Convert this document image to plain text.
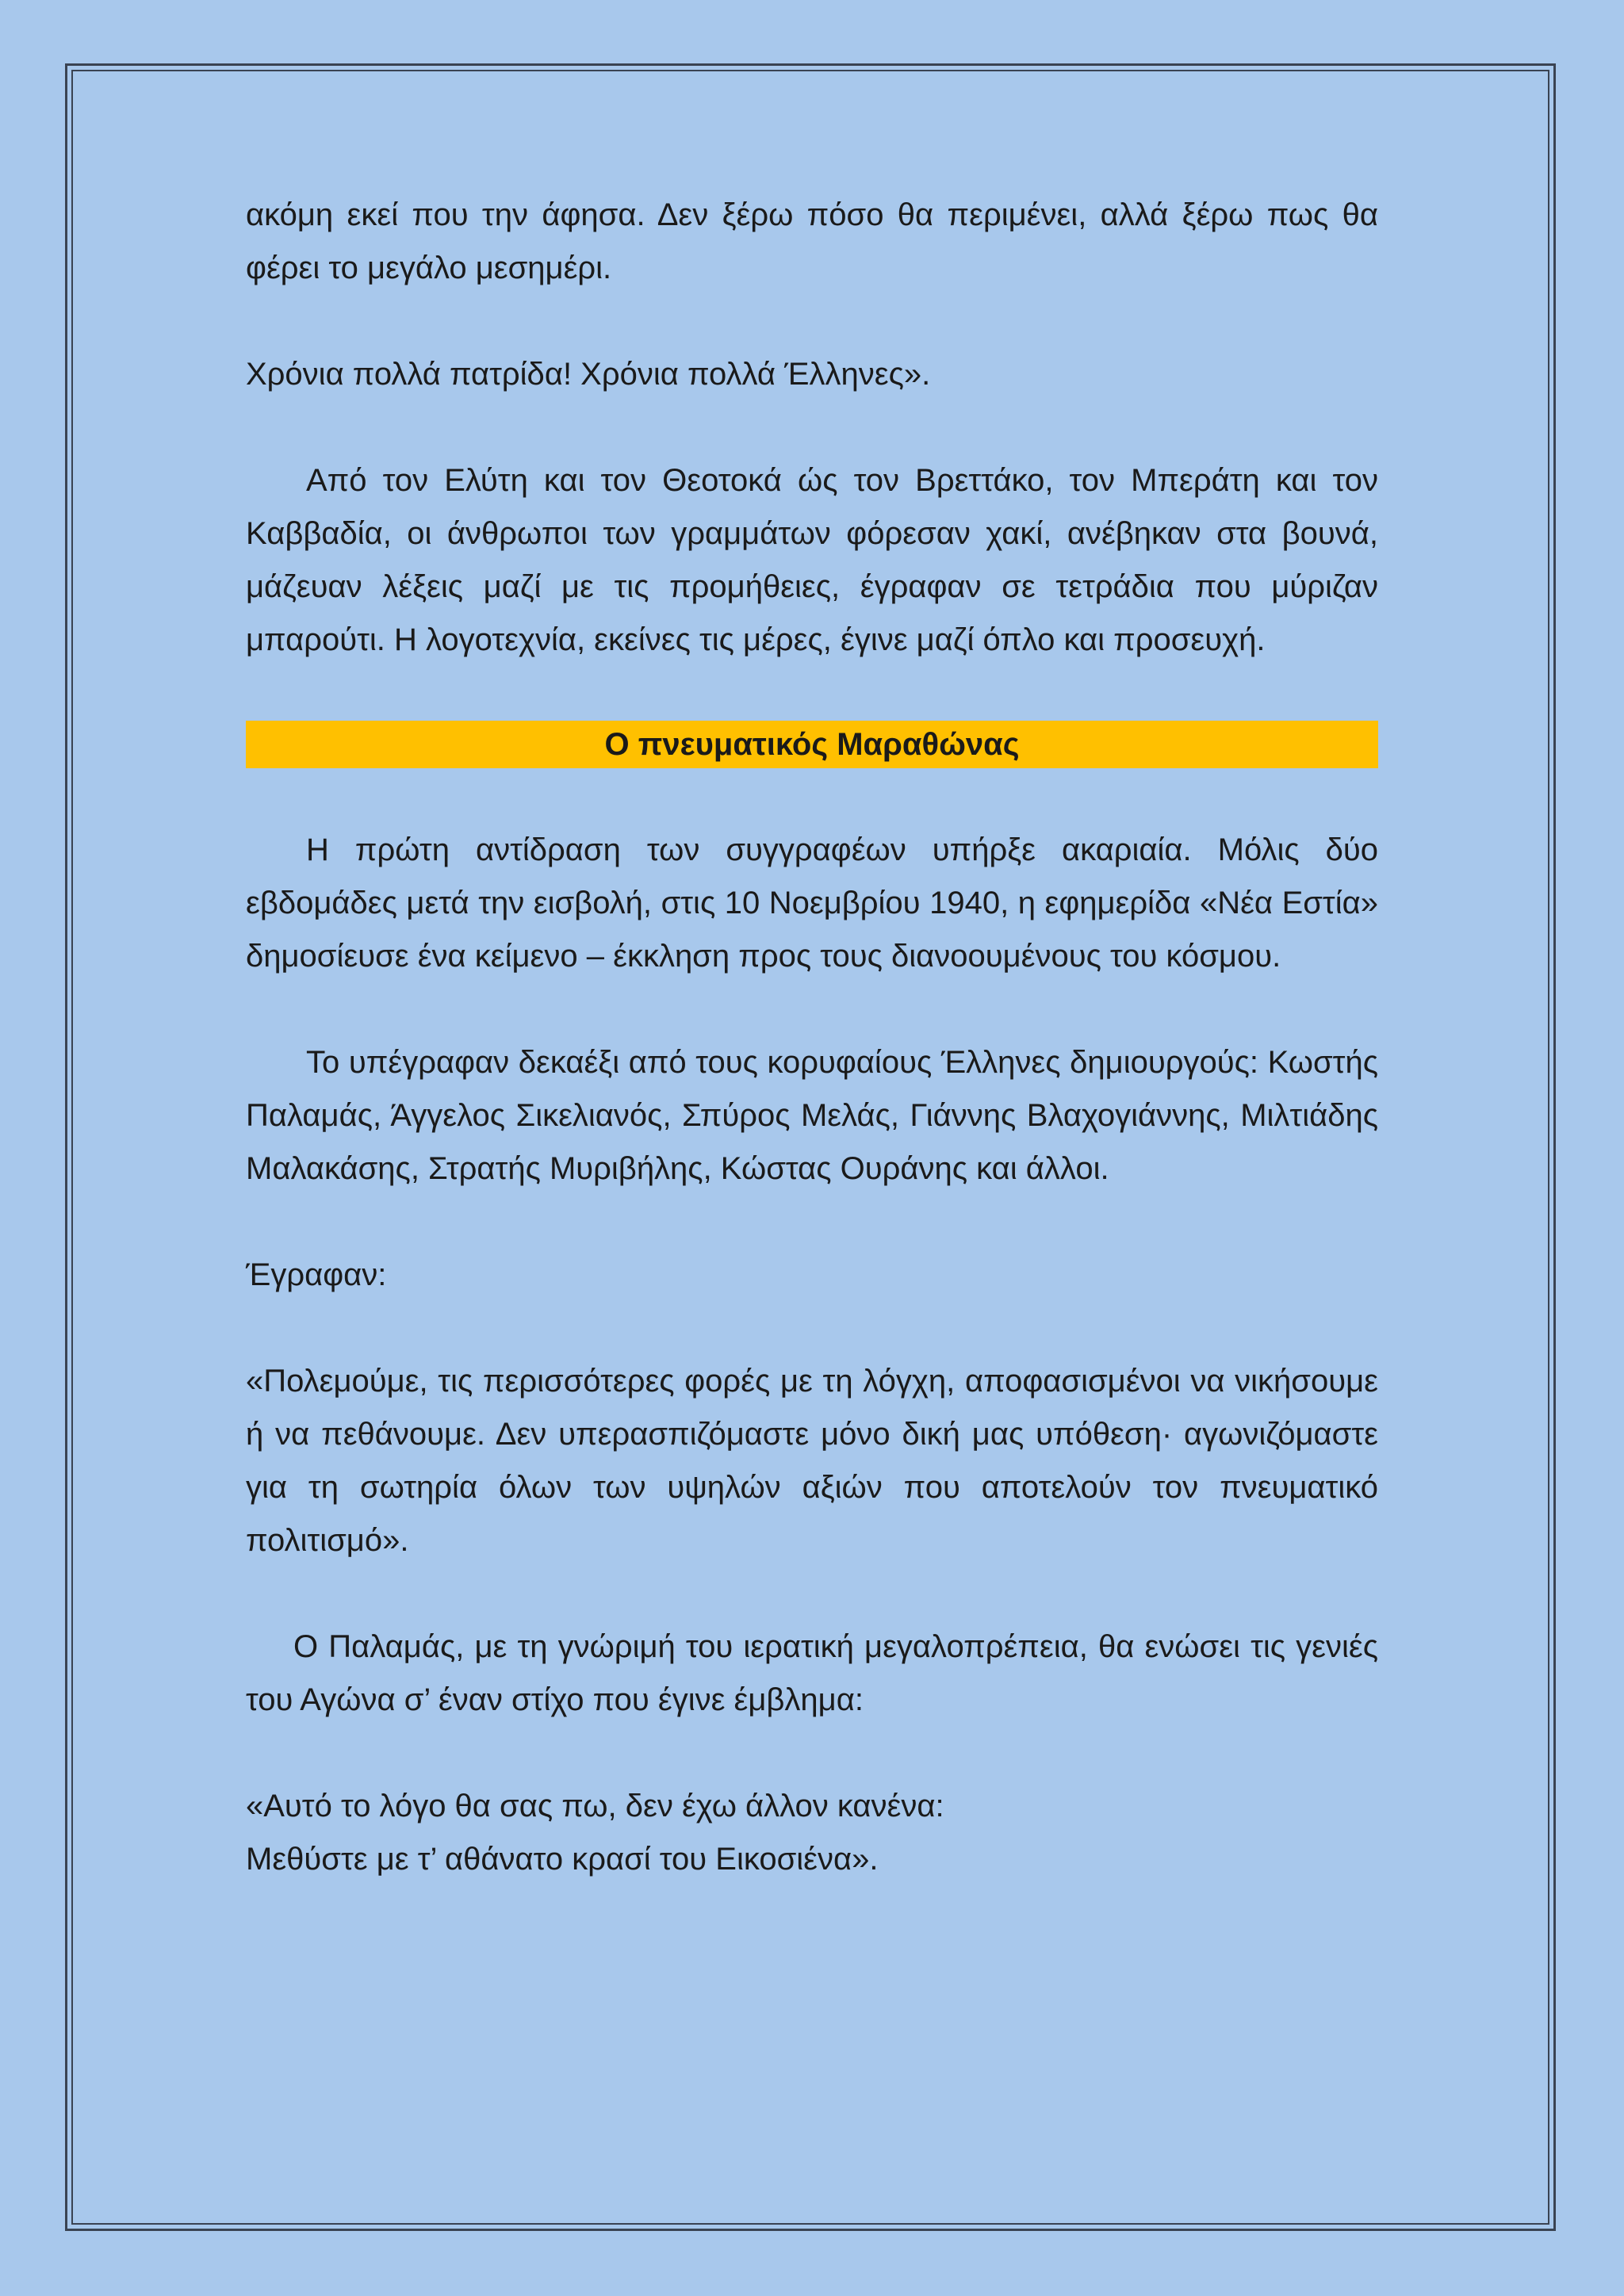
ακόμη εκεί που την άφησα. Δεν ξέρω πόσο θα περιμένει, αλλά ξέρω πως θα φέρει το μεγάλο μεσημέρι.

Χρόνια πολλά πατρίδα! Χρόνια πολλά Έλληνες».

Από τον Ελύτη και τον Θεοτοκά ώς τον Βρεττάκο, τον Μπεράτη και τον Καββαδία, οι άνθρωποι των γραμμάτων φόρεσαν χακί, ανέβηκαν στα βουνά, μάζευαν λέξεις μαζί με τις προμήθειες, έγραφαν σε τετράδια που μύριζαν μπαρούτι. Η λογοτεχνία, εκείνες τις μέρες, έγινε μαζί όπλο και προσευχή.

Ο πνευματικός Μαραθώνας

Η πρώτη αντίδραση των συγγραφέων υπήρξε ακαριαία. Μόλις δύο εβδομάδες μετά την εισβολή, στις 10 Νοεμβρίου 1940, η εφημερίδα «Νέα Εστία» δημοσίευσε ένα κείμενο – έκκληση προς τους διανοουμένους του κόσμου.

Το υπέγραφαν δεκαέξι από τους κορυφαίους Έλληνες δημιουργούς: Κωστής Παλαμάς, Άγγελος Σικελιανός, Σπύρος Μελάς, Γιάννης Βλαχογιάννης, Μιλτιάδης Μαλακάσης, Στρατής Μυριβήλης, Κώστας Ουράνης και άλλοι.

Έγραφαν:

«Πολεμούμε, τις περισσότερες φορές με τη λόγχη, αποφασισμένοι να νικήσουμε ή να πεθάνουμε. Δεν υπερασπιζόμαστε μόνο δική μας υπόθεση· αγωνιζόμαστε για τη σωτηρία όλων των υψηλών αξιών που αποτελούν τον πνευματικό πολιτισμό».

Ο Παλαμάς, με τη γνώριμή του ιερατική μεγαλοπρέπεια, θα ενώσει τις γενιές του Αγώνα σ’ έναν στίχο που έγινε έμβλημα:

«Αυτό το λόγο θα σας πω, δεν έχω άλλον κανένα:

Μεθύστε με τ’ αθάνατο κρασί του Εικοσιένα».
